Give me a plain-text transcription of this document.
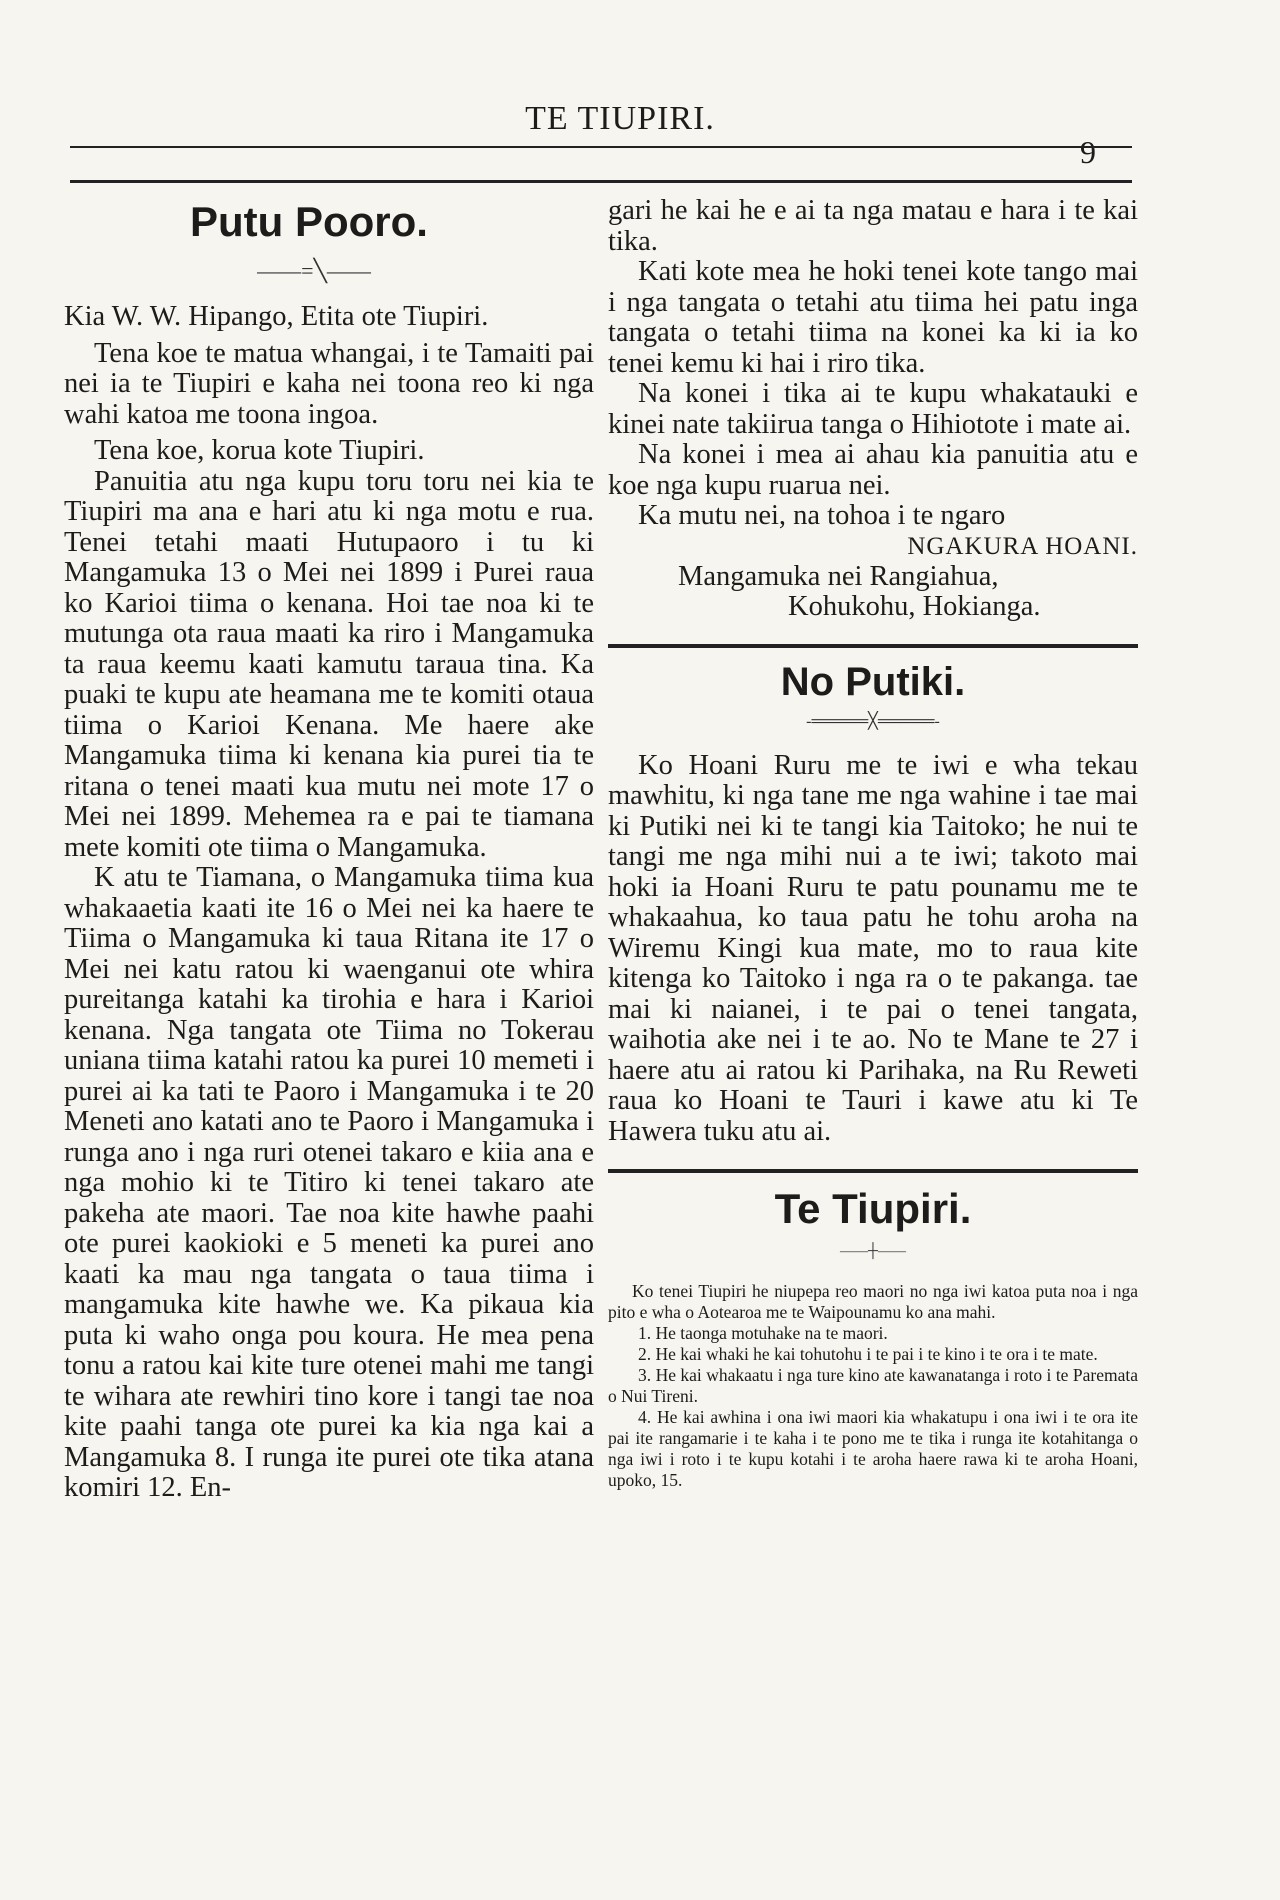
TE TIUPIRI.
9
Putu Pooro.
——=╲——

Kia W. W. Hipango, Etita ote Tiupiri.

Tena koe te matua whangai, i te Tamaiti pai nei ia te Tiupiri e kaha nei toona reo ki nga wahi katoa me toona ingoa.

Tena koe, korua kote Tiupiri.

Panuitia atu nga kupu toru toru nei kia te Tiupiri ma ana e hari atu ki nga motu e rua. Tenei tetahi maati Hutupaoro i tu ki Mangamuka 13 o Mei nei 1899 i Purei raua ko Karioi tiima o kenana. Hoi tae noa ki te mutunga ota raua maati ka riro i Mangamuka ta raua keemu kaati kamutu taraua tina. Ka puaki te kupu ate heamana me te komiti otaua tiima o Karioi Kenana. Me haere ake Mangamuka tiima ki kenana kia purei tia te ritana o tenei maati kua mutu nei mote 17 o Mei nei 1899. Mehemea ra e pai te tiamana mete komiti ote tiima o Mangamuka.

K atu te Tiamana, o Mangamuka tiima kua whakaaetia kaati ite 16 o Mei nei ka haere te Tiima o Mangamuka ki taua Ritana ite 17 o Mei nei katu ratou ki waenganui ote whira pureitanga katahi ka tirohia e hara i Karioi kenana. Nga tangata ote Tiima no Tokerau uniana tiima katahi ratou ka purei 10 memeti i purei ai ka tati te Paoro i Mangamuka i te 20 Meneti ano katati ano te Paoro i Mangamuka i runga ano i nga ruri otenei takaro e kiia ana e nga mohio ki te Titiro ki tenei takaro ate pakeha ate maori. Tae noa kite hawhe paahi ote purei kaokioki e 5 meneti ka purei ano kaati ka mau nga tangata o taua tiima i mangamuka kite hawhe we. Ka pikaua kia puta ki waho onga pou koura. He mea pena tonu a ratou kai kite ture otenei mahi me tangi te wihara ate rewhiri tino kore i tangi tae noa kite paahi tanga ote purei ka kia nga kai a Mangamuka 8. I runga ite purei ote tika atana komiri 12. En-

gari he kai he e ai ta nga matau e hara i te kai tika.

Kati kote mea he hoki tenei kote tango mai i nga tangata o tetahi atu tiima hei patu inga tangata o tetahi tiima na konei ka ki ia ko tenei kemu ki hai i riro tika.

Na konei i tika ai te kupu whakatauki e kinei nate takiirua tanga o Hihiotote i mate ai.

Na konei i mea ai ahau kia panuitia atu e koe nga kupu ruarua nei.

Ka mutu nei, na tohoa i te ngaro

NGAKURA HOANI.
Mangamuka nei Rangiahua,
Kohukohu, Hokianga.
No Putiki.
-═════╳═════-

Ko Hoani Ruru me te iwi e wha tekau mawhitu, ki nga tane me nga wahine i tae mai ki Putiki nei ki te tangi kia Taitoko; he nui te tangi me nga mihi nui a te iwi; takoto mai hoki ia Hoani Ruru te patu pounamu me te whakaahua, ko taua patu he tohu aroha na Wiremu Kingi kua mate, mo to raua kite kitenga ko Taitoko i nga ra o te pakanga. tae mai ki naianei, i te pai o tenei tangata, waihotia ake nei i te ao. No te Mane te 27 i haere atu ai ratou ki Parihaka, na Ru Reweti raua ko Hoani te Tauri i kawe atu ki Te Hawera tuku atu ai.

Te Tiupiri.
——┼——

Ko tenei Tiupiri he niupepa reo maori no nga iwi katoa puta noa i nga pito e wha o Aotearoa me te Waipounamu ko ana mahi.

1. He taonga motuhake na te maori.
2. He kai whaki he kai tohutohu i te pai i te kino i te ora i te mate.
3. He kai whakaatu i nga ture kino ate kawanatanga i roto i te Paremata o Nui Tireni.
4. He kai awhina i ona iwi maori kia whakatupu i ona iwi i te ora ite pai ite rangamarie i te kaha i te pono me te tika i runga ite kotahitanga o nga iwi i roto i te kupu kotahi i te aroha haere rawa ki te aroha Hoani, upoko, 15.
